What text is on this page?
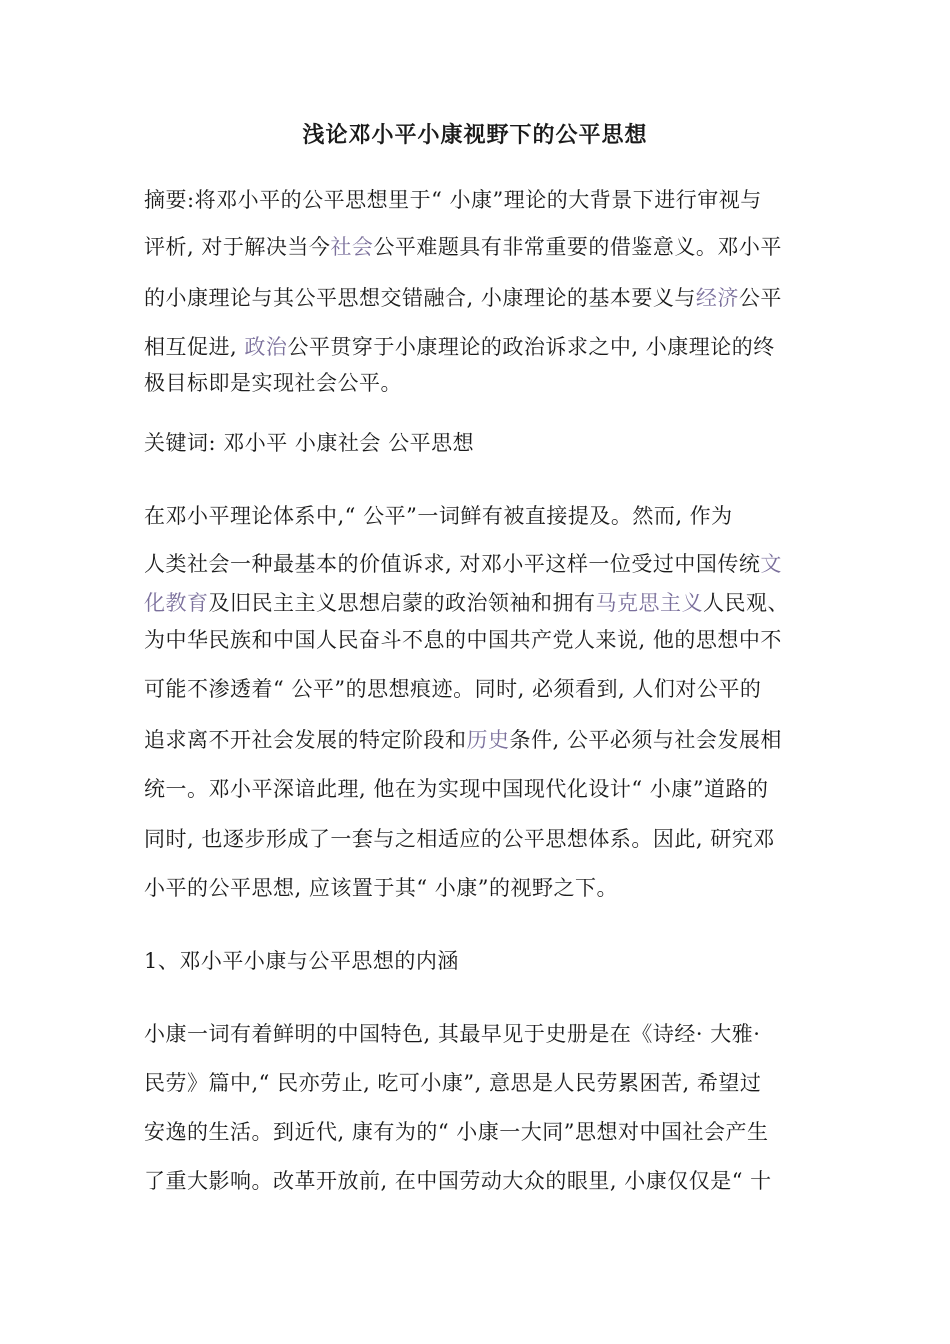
浅论邓小平小康视野下的公平思想
摘要:将邓小平的公平思想里于“ 小康”理论的大背景下进行审视与
评析, 对于解决当今社会公平难题具有非常重要的借鉴意义。邓小平
的小康理论与其公平思想交错融合, 小康理论的基本要义与经济公平
相互促进, 政治公平贯穿于小康理论的政治诉求之中, 小康理论的终
极目标即是实现社会公平。
关键词: 邓小平 小康社会 公平思想
在邓小平理论体系中,“ 公平”一词鲜有被直接提及。然而, 作为
人类社会一种最基本的价值诉求, 对邓小平这样一位受过中国传统文
化教育及旧民主主义思想启蒙的政治领袖和拥有马克思主义人民观、
为中华民族和中国人民奋斗不息的中国共产党人来说, 他的思想中不
可能不渗透着“ 公平”的思想痕迹。同时, 必须看到, 人们对公平的
追求离不开社会发展的特定阶段和历史条件, 公平必须与社会发展相
统一。邓小平深谙此理, 他在为实现中国现代化设计“ 小康”道路的
同时, 也逐步形成了一套与之相适应的公平思想体系。因此, 研究邓
小平的公平思想, 应该置于其“ 小康”的视野之下。
1、邓小平小康与公平思想的内涵
小康一词有着鲜明的中国特色, 其最早见于史册是在《诗经· 大雅·
民劳》篇中,“ 民亦劳止, 吃可小康”, 意思是人民劳累困苦, 希望过
安逸的生活。到近代, 康有为的“ 小康一大同”思想对中国社会产生
了重大影响。改革开放前, 在中国劳动大众的眼里, 小康仅仅是“ 十
